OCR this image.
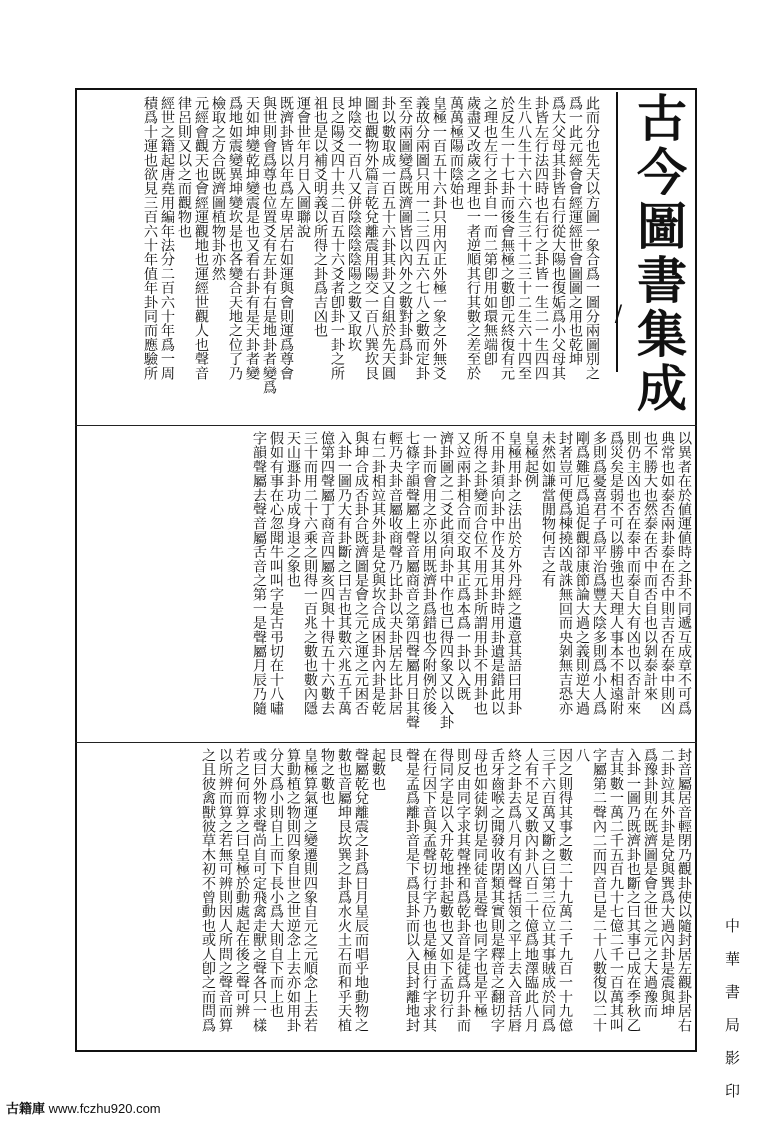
古今圖書集成
/

此而分也先天以方圖一象合爲一圖分兩圖別之

爲一此元經會會經運經世會圖圖之用也乾坤

爲大父母其卦皆右行從大陽也復姤爲小父母其

卦皆左行法四時也右行之卦皆一生二一生四四

生八八生十六十六生三十二三十二生六十四至

於反生一十七卦而後會無極之數卽元終復有元

之理也左行之卦自一而二第卽用如環無端卽

歲盡又改歲之理也一者逆順其行其數之差至於

萬萬極陽而陰始也

皇極一百五十六卦只用內正外極一象之外無爻

義故分兩圖只用一二三四五六七八之數而定卦

至分兩圖變爲既濟圖皆以內外之數對卦爲卦

卦以數取成一百五十六卦其卦又自組於先天圓

圖也觀物外篇言乾兌離震用陽交一百八巽坎艮

坤陰交一百八又併陰陰陰陰陽之數又取坎

艮之陽爻四十共二百五十六爻者卽卦一卦之所

祖也是以補爻明義以所得之卦爲吉凶也

運會世年月日入圖聯說

既濟卦皆以年爲左卑居右如運與會則運爲尊會

與世則會爲尊也位置爻有左卦有右是地卦者變爲

天如坤變乾坤變震是也又看右卦有是天卦者變

爲地如震變異坤變坎是也各變合天地之位了乃

檢取之方合既濟圖植物卦亦然

元經會觀天也會經運觀地也運經世觀人也聲音

律呂則又以之而觀物也

經世之籍起唐堯用編年法分二百六十年爲一周

積爲十運也欲見三百六十年值年卦同而應驗所

以異者在於値運値時之卦不同遞互成章不可爲

典常也如泰否兩卦泰在否中則吉否在泰中則凶

也不勝大也然泰在否中而否自也以剝泰計來

則仍主凶也否在泰中而泰自大有凶也以否計來

爲災矣是弱不可以勝強也天理人事本不相遠附

多則爲憂喜君子爲平治爲豐大陰多則爲小人爲

剛爲難厄爲追促觀卻康節論大過之義則逆大過

封者豈可便爲棟撓凶哉誅無回而央剝無吉恐亦

未然如謙當閒物何吉之有

皇極起例

皇極用卦之法出於方外丹經之遺意其語曰用卦

不用卦須向卦中作及其用卦時用卦遺是錯此以

所得之卦變而合位不用元卦所謂用卦不用卦也

又竝兩卦相合而交取其正爲本爲一卦以入既

濟卦圖之二爻此須向卦中作也已得四象又以入卦

一卦而會用之亦以用既濟卦爲錯也今附例於後

七篠字韻聲屬上聲音屬商音之第四聲屬月日其聲

輕乃夬卦音屬收商聲乃比卦以夬卦居左比卦居

右二卦相竝其外卦是兌與坎合成困卦內卦是乾

與坤合成否卦合既濟圖是會之元之運之元困否

入卦一圖乃大有卦斷之曰吉也其數六兆五千萬

億第四聲屬丁商音四屬亥四與十得五十六數去

三十而用二十六乘之則得一百兆之數也數內隱

天山遯卦功成身退之象也

假如有事在心忽聞牛叫叫字是古弔切在十八嘯

字韻聲屬去聲音屬舌音之第一是聲屬月辰乃隨

封音屬居音輕閉乃觀卦使以隨封居左觀卦居右

二卦竝其外卦是兌與巽爲大過內卦是震與坤

爲豫卦則在既濟圖是會之世之元之大過豫而

入卦一圖乃既濟卦也斷之曰其事已成在季秋乙

吉其數一萬二千五百九十七億二千一百萬其叫

字屬第二聲內二而四音已是二十八數復以二十八

因之則得其事之數二十九萬二千九百一十九億

三千六百萬又斷之曰第三位立其事賊成於同爲

人有不足又數內卦八百二十億爲地澤臨此八月

終之卦去爲八月有凶聲括領之平上去入音括唇

舌牙齒喉之聞發收閉類其實則是釋音之翻切字

母也如徒剝切是同徒音是聲也同字也是平極

則反由同字求其聲挫和爲乾卦音是徒爲升卦而

得同字是以入升乾地卦起數也又如下孟切行

在行因下音與孟聲切行字乃也是極由行字求其

聲是孟爲離卦音是下爲艮卦而以入艮封離地封艮

起數也

聲屬乾兌離震之卦爲日月星辰而唱乎地動物之

數也音屬坤艮坎巽之卦爲水火土石而和乎天植

物之數也

皇極算氣運之變遷則四象自元之元順念上去若

算動植之物則四象自世之世逆念上去亦如用卦

分大爲小則自上而下長小爲大則自下而上也

或曰外物求聲尚自可定飛禽走獸之聲各只一樣

若之何而算之曰皇極於動處起在後之聲可辨

以所辨而算之若無可辨則因人所問之聲音而算

之且彼禽獸彼草木初不曾動也或人卽之而問爲	中華書局影印
古籍庫 www.fczhu920.com
